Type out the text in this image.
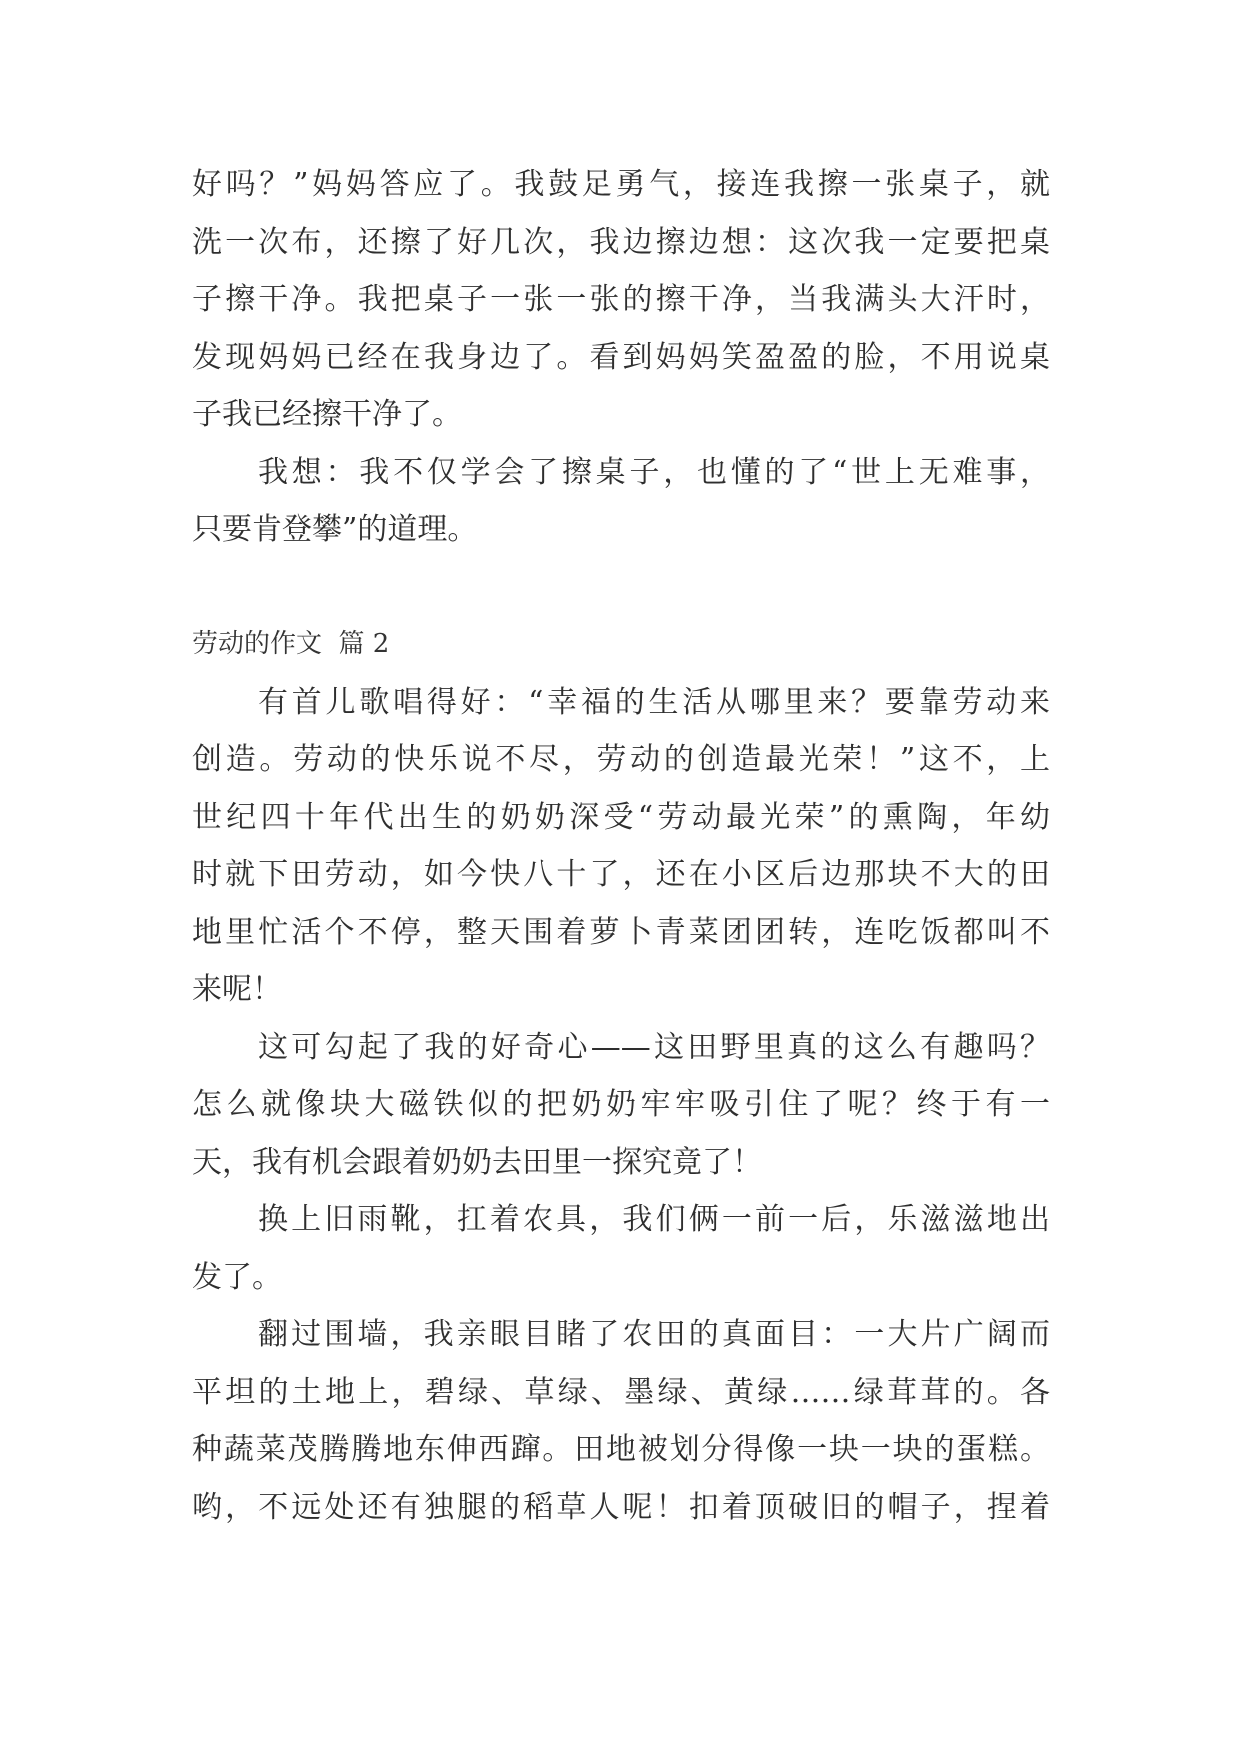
好吗？”妈妈答应了。我鼓足勇气，接连我擦一张桌子，就
洗一次布，还擦了好几次，我边擦边想：这次我一定要把桌
子擦干净。我把桌子一张一张的擦干净，当我满头大汗时，
发现妈妈已经在我身边了。看到妈妈笑盈盈的脸，不用说桌
子我已经擦干净了。
我想：我不仅学会了擦桌子，也懂的了“世上无难事，
只要肯登攀”的道理。
劳动的作文  篇 2
有首儿歌唱得好：“幸福的生活从哪里来？要靠劳动来
创造。劳动的快乐说不尽，劳动的创造最光荣！”这不，上
世纪四十年代出生的奶奶深受“劳动最光荣”的熏陶，年幼
时就下田劳动，如今快八十了，还在小区后边那块不大的田
地里忙活个不停，整天围着萝卜青菜团团转，连吃饭都叫不
来呢！
这可勾起了我的好奇心——这田野里真的这么有趣吗？
怎么就像块大磁铁似的把奶奶牢牢吸引住了呢？终于有一
天，我有机会跟着奶奶去田里一探究竟了！
换上旧雨靴，扛着农具，我们俩一前一后，乐滋滋地出
发了。
翻过围墙，我亲眼目睹了农田的真面目：一大片广阔而
平坦的土地上，碧绿、草绿、墨绿、黄绿……绿茸茸的。各
种蔬菜茂腾腾地东伸西蹿。田地被划分得像一块一块的蛋糕。
哟，不远处还有独腿的稻草人呢！扣着顶破旧的帽子，捏着
